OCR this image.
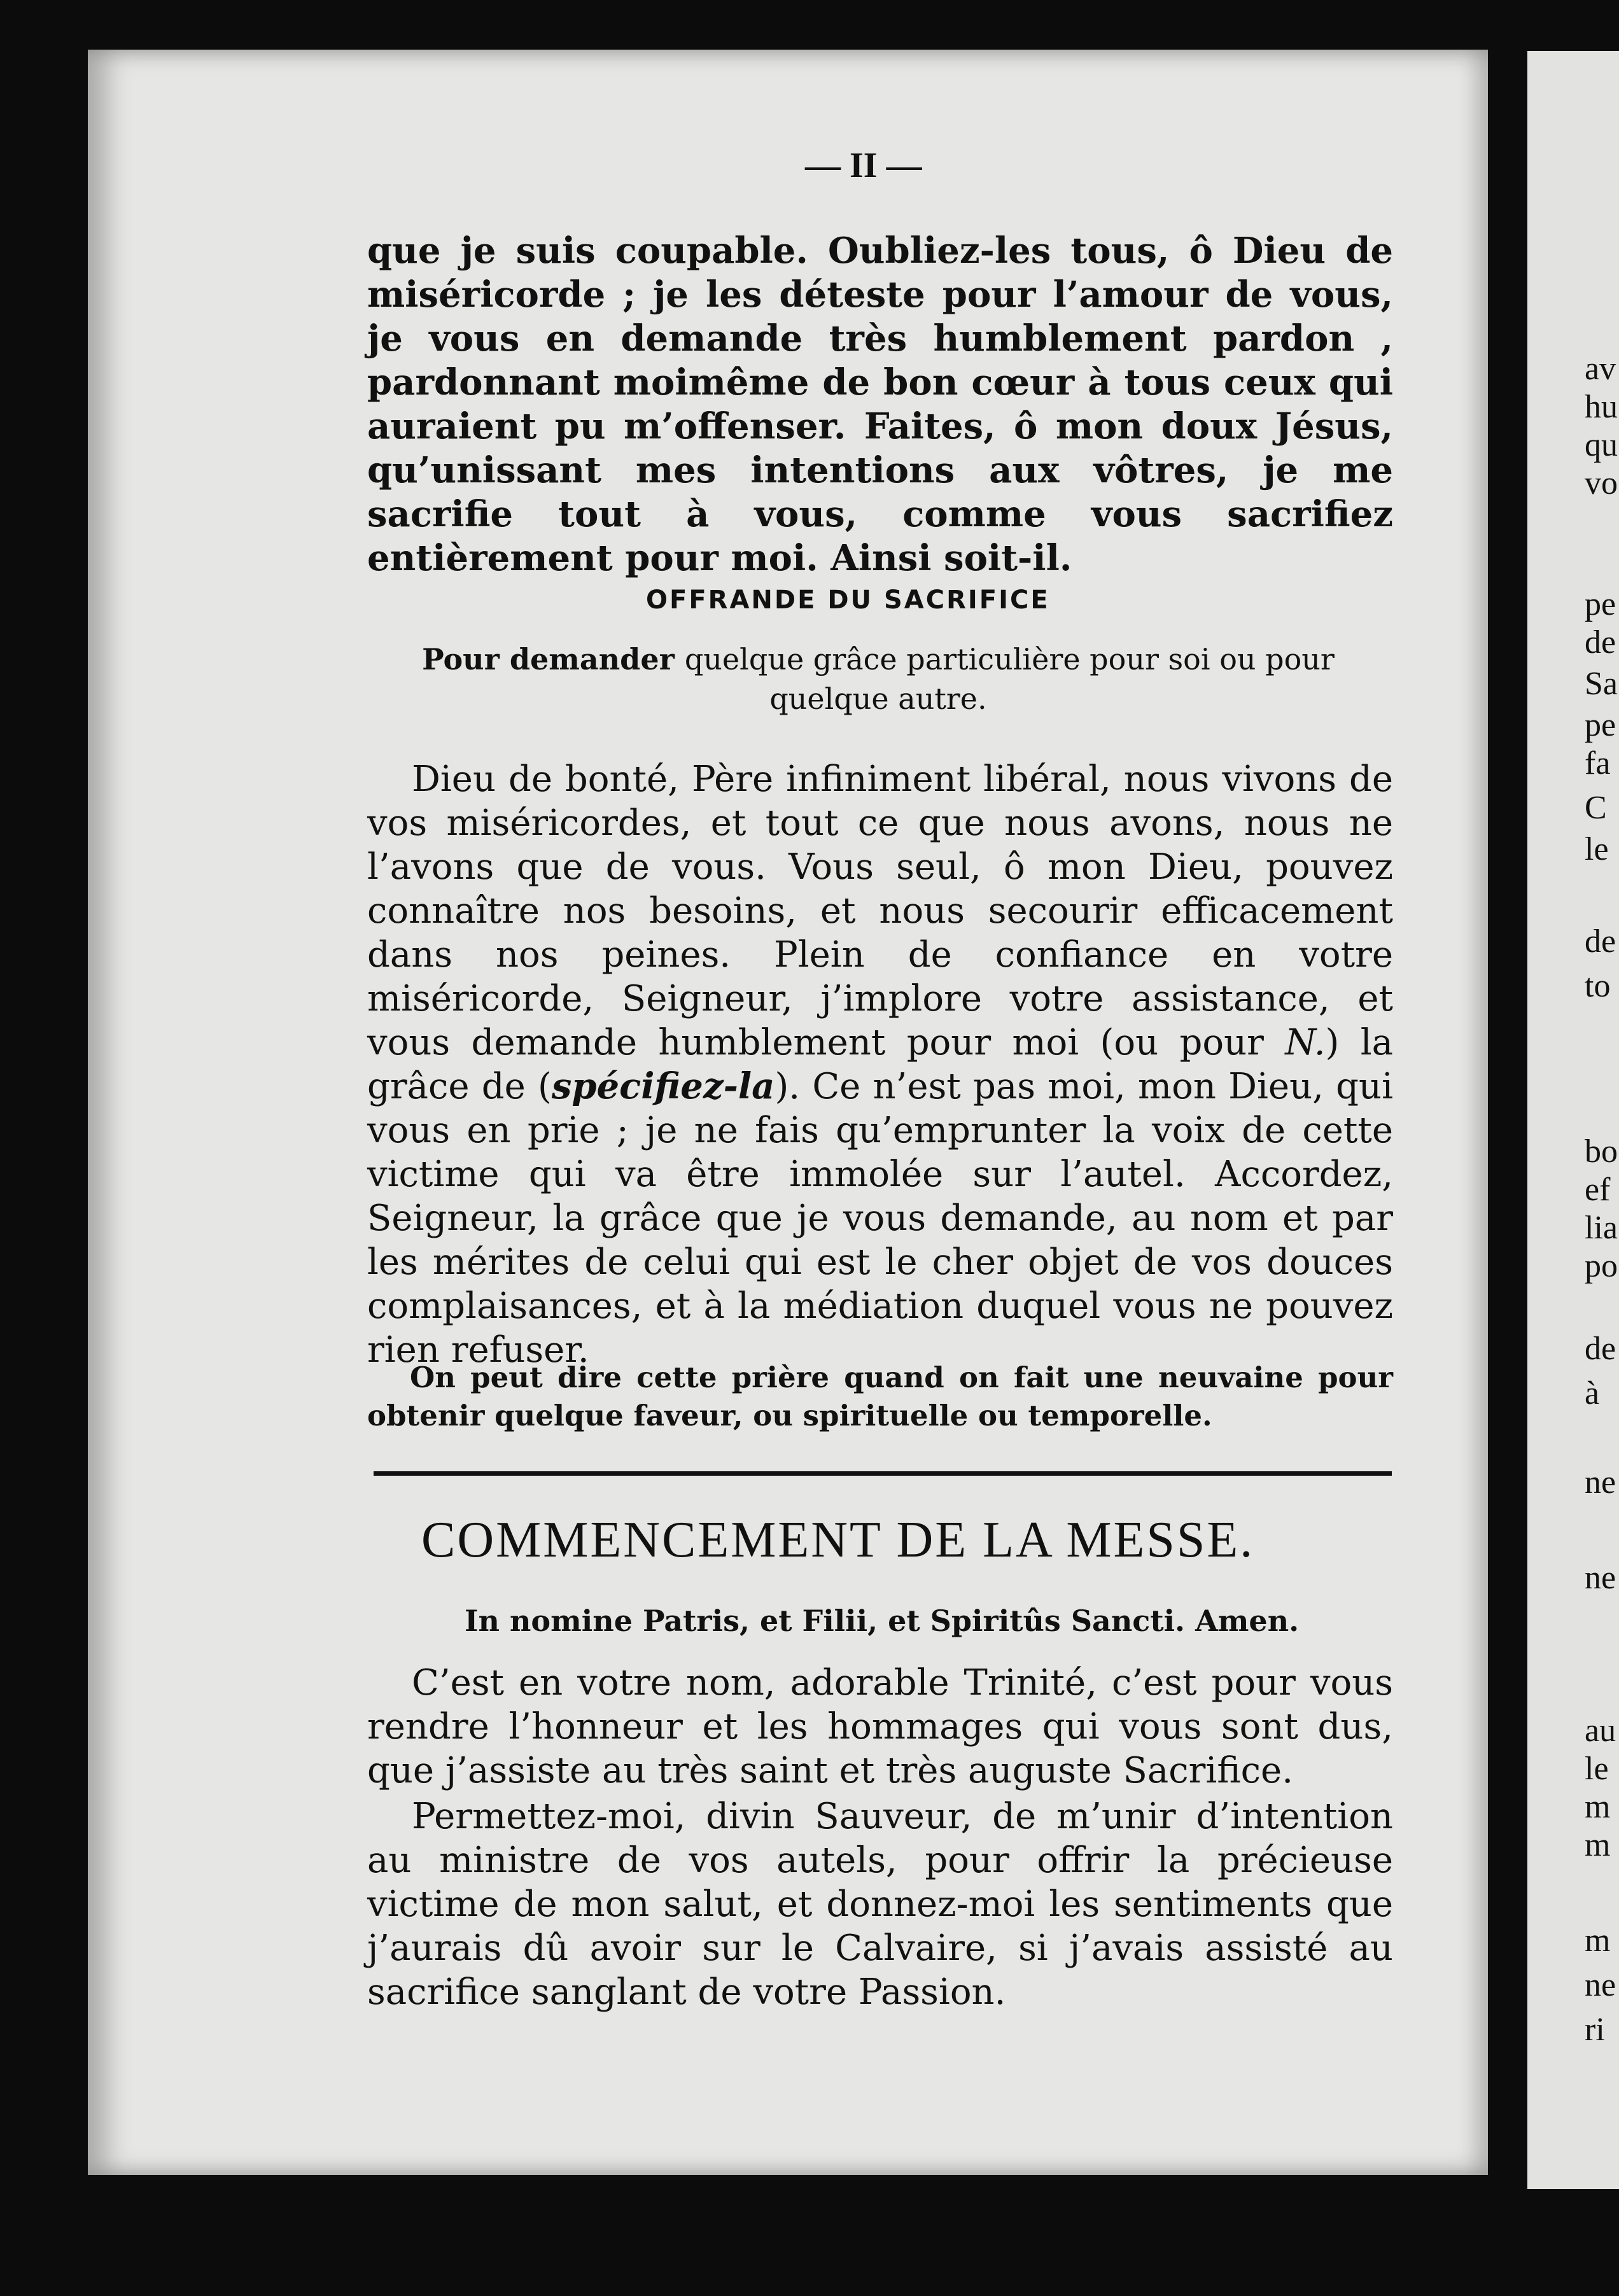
av
hu
qu
vo
pe
de
Sa
pe
fa
C
le
de
to
bo
ef
lia
po
de
à
ne
ne
au
le
m
m
m
ne
ri
— II —
que je suis coupable. Oubliez-les tous, ô Dieu de miséricorde ; je les déteste pour l’amour de vous, je vous en demande très humblement pardon , pardonnant moimême de bon cœur à tous ceux qui auraient pu m’offenser. Faites, ô mon doux Jésus, qu’unissant mes intentions aux vôtres, je me sacrifie tout à vous, comme vous sacrifiez entièrement pour moi. Ainsi soit-il.
OFFRANDE DU SACRIFICE
Pour demander quelque grâce particulière pour soi ou pour quelque autre.
Dieu de bonté, Père infiniment libéral, nous vivons de vos miséricordes, et tout ce que nous avons, nous ne l’avons que de vous. Vous seul, ô mon Dieu, pouvez connaître nos besoins, et nous secourir efficacement dans nos peines. Plein de confiance en votre miséricorde, Seigneur, j’implore votre assistance, et vous demande humblement pour moi (ou pour N.) la grâce de (spécifiez-la). Ce n’est pas moi, mon Dieu, qui vous en prie ; je ne fais qu’emprunter la voix de cette victime qui va être immolée sur l’autel. Accordez, Seigneur, la grâce que je vous demande, au nom et par les mérites de celui qui est le cher objet de vos douces complaisances, et à la médiation duquel vous ne pouvez rien refuser.
On peut dire cette prière quand on fait une neuvaine pour obtenir quelque faveur, ou spirituelle ou temporelle.
COMMENCEMENT DE LA MESSE.
In nomine Patris, et Filii, et Spiritûs Sancti. Amen.
C’est en votre nom, adorable Trinité, c’est pour vous rendre l’honneur et les hommages qui vous sont dus, que j’assiste au très saint et très auguste Sacrifice.
Permettez-moi, divin Sauveur, de m’unir d’intention au ministre de vos autels, pour offrir la précieuse victime de mon salut, et donnez-moi les sentiments que j’aurais dû avoir sur le Calvaire, si j’avais assisté au sacrifice sanglant de votre Passion.
